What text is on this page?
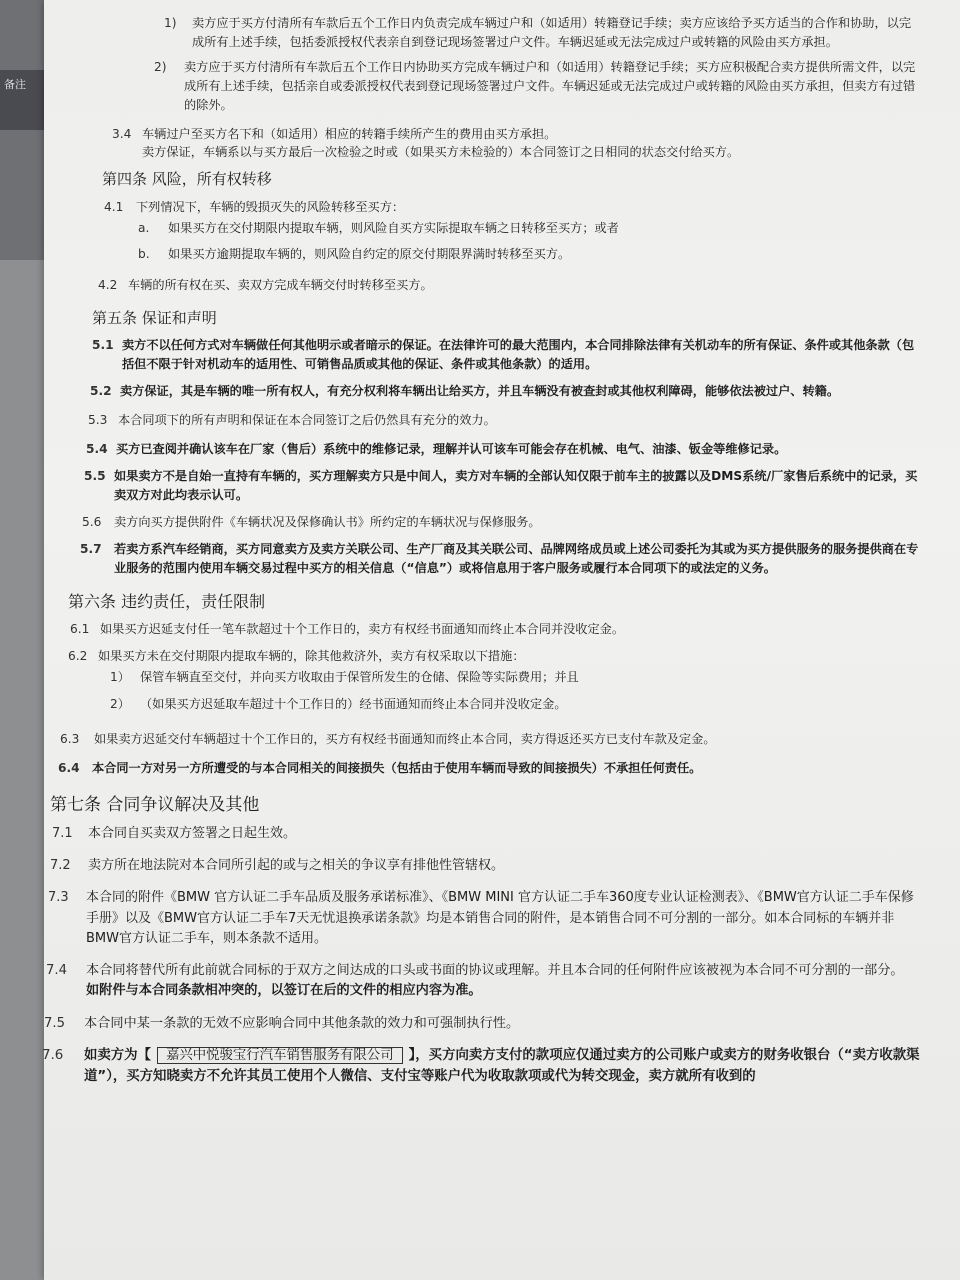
备注
1)	卖方应于买方付清所有车款后五个工作日内负责完成车辆过户和（如适用）转籍登记手续；卖方应该给予买方适当的合作和协助，以完成所有上述手续，包括委派授权代表亲自到登记现场签署过户文件。车辆迟延或无法完成过户或转籍的风险由买方承担。
2)	卖方应于买方付清所有车款后五个工作日内协助买方完成车辆过户和（如适用）转籍登记手续；买方应积极配合卖方提供所需文件，以完成所有上述手续，包括亲自或委派授权代表到登记现场签署过户文件。车辆迟延或无法完成过户或转籍的风险由买方承担，但卖方有过错的除外。
3.4 车辆过户至买方名下和（如适用）相应的转籍手续所产生的费用由买方承担。
卖方保证，车辆系以与买方最后一次检验之时或（如果买方未检验的）本合同签订之日相同的状态交付给买方。
第四条 风险，所有权转移
4.1	下列情况下，车辆的毁损灭失的风险转移至买方：
a.	如果买方在交付期限内提取车辆，则风险自买方实际提取车辆之日转移至买方；或者
b.	如果买方逾期提取车辆的，则风险自约定的原交付期限界满时转移至买方。
4.2 车辆的所有权在买、卖双方完成车辆交付时转移至买方。
第五条 保证和声明
5.1 卖方不以任何方式对车辆做任何其他明示或者暗示的保证。在法律许可的最大范围内，本合同排除法律有关机动车的所有保证、条件或其他条款（包括但不限于针对机动车的适用性、可销售品质或其他的保证、条件或其他条款）的适用。
5.2 卖方保证，其是车辆的唯一所有权人，有充分权利将车辆出让给买方，并且车辆没有被查封或其他权利障碍，能够依法被过户、转籍。
5.3 本合同项下的所有声明和保证在本合同签订之后仍然具有充分的效力。
5.4 买方已查阅并确认该车在厂家（售后）系统中的维修记录，理解并认可该车可能会存在机械、电气、油漆、钣金等维修记录。
5.5 如果卖方不是自始一直持有车辆的，买方理解卖方只是中间人，卖方对车辆的全部认知仅限于前车主的披露以及DMS系统/厂家售后系统中的记录，买卖双方对此均表示认可。
5.6	卖方向买方提供附件《车辆状况及保修确认书》所约定的车辆状况与保修服务。
5.7	若卖方系汽车经销商，买方同意卖方及卖方关联公司、生产厂商及其关联公司、品牌网络成员或上述公司委托为其或为买方提供服务的服务提供商在专业服务的范围内使用车辆交易过程中买方的相关信息（“信息”）或将信息用于客户服务或履行本合同项下的或法定的义务。
第六条 违约责任，责任限制
6.1 如果买方迟延支付任一笔车款超过十个工作日的，卖方有权经书面通知而终止本合同并没收定金。
6.2 如果买方未在交付期限内提取车辆的，除其他救济外，卖方有权采取以下措施：
1） 保管车辆直至交付，并向买方收取由于保管所发生的仓储、保险等实际费用；并且
2） （如果买方迟延取车超过十个工作日的）经书面通知而终止本合同并没收定金。
6.3	如果卖方迟延交付车辆超过十个工作日的，买方有权经书面通知而终止本合同，卖方得返还买方已支付车款及定金。
6.4	本合同一方对另一方所遭受的与本合同相关的间接损失（包括由于使用车辆而导致的间接损失）不承担任何责任。
第七条 合同争议解决及其他
7.1	本合同自买卖双方签署之日起生效。
7.2	卖方所在地法院对本合同所引起的或与之相关的争议享有排他性管辖权。
7.3	本合同的附件《BMW 官方认证二手车品质及服务承诺标准》、《BMW MINI 官方认证二手车360度专业认证检测表》、《BMW官方认证二手车保修手册》以及《BMW官方认证二手车7天无忧退换承诺条款》均是本销售合同的附件，是本销售合同不可分割的一部分。如本合同标的车辆并非BMW官方认证二手车，则本条款不适用。
7.4	本合同将替代所有此前就合同标的于双方之间达成的口头或书面的协议或理解。并且本合同的任何附件应该被视为本合同不可分割的一部分。 如附件与本合同条款相冲突的，以签订在后的文件的相应内容为准。
7.5	本合同中某一条款的无效不应影响合同中其他条款的效力和可强制执行性。
7.6	如卖方为【 嘉兴中悦骏宝行汽车销售服务有限公司 】，买方向卖方支付的款项应仅通过卖方的公司账户或卖方的财务收银台（“卖方收款渠道”），买方知晓卖方不允许其员工使用个人微信、支付宝等账户代为收取款项或代为转交现金，卖方就所有收到的
